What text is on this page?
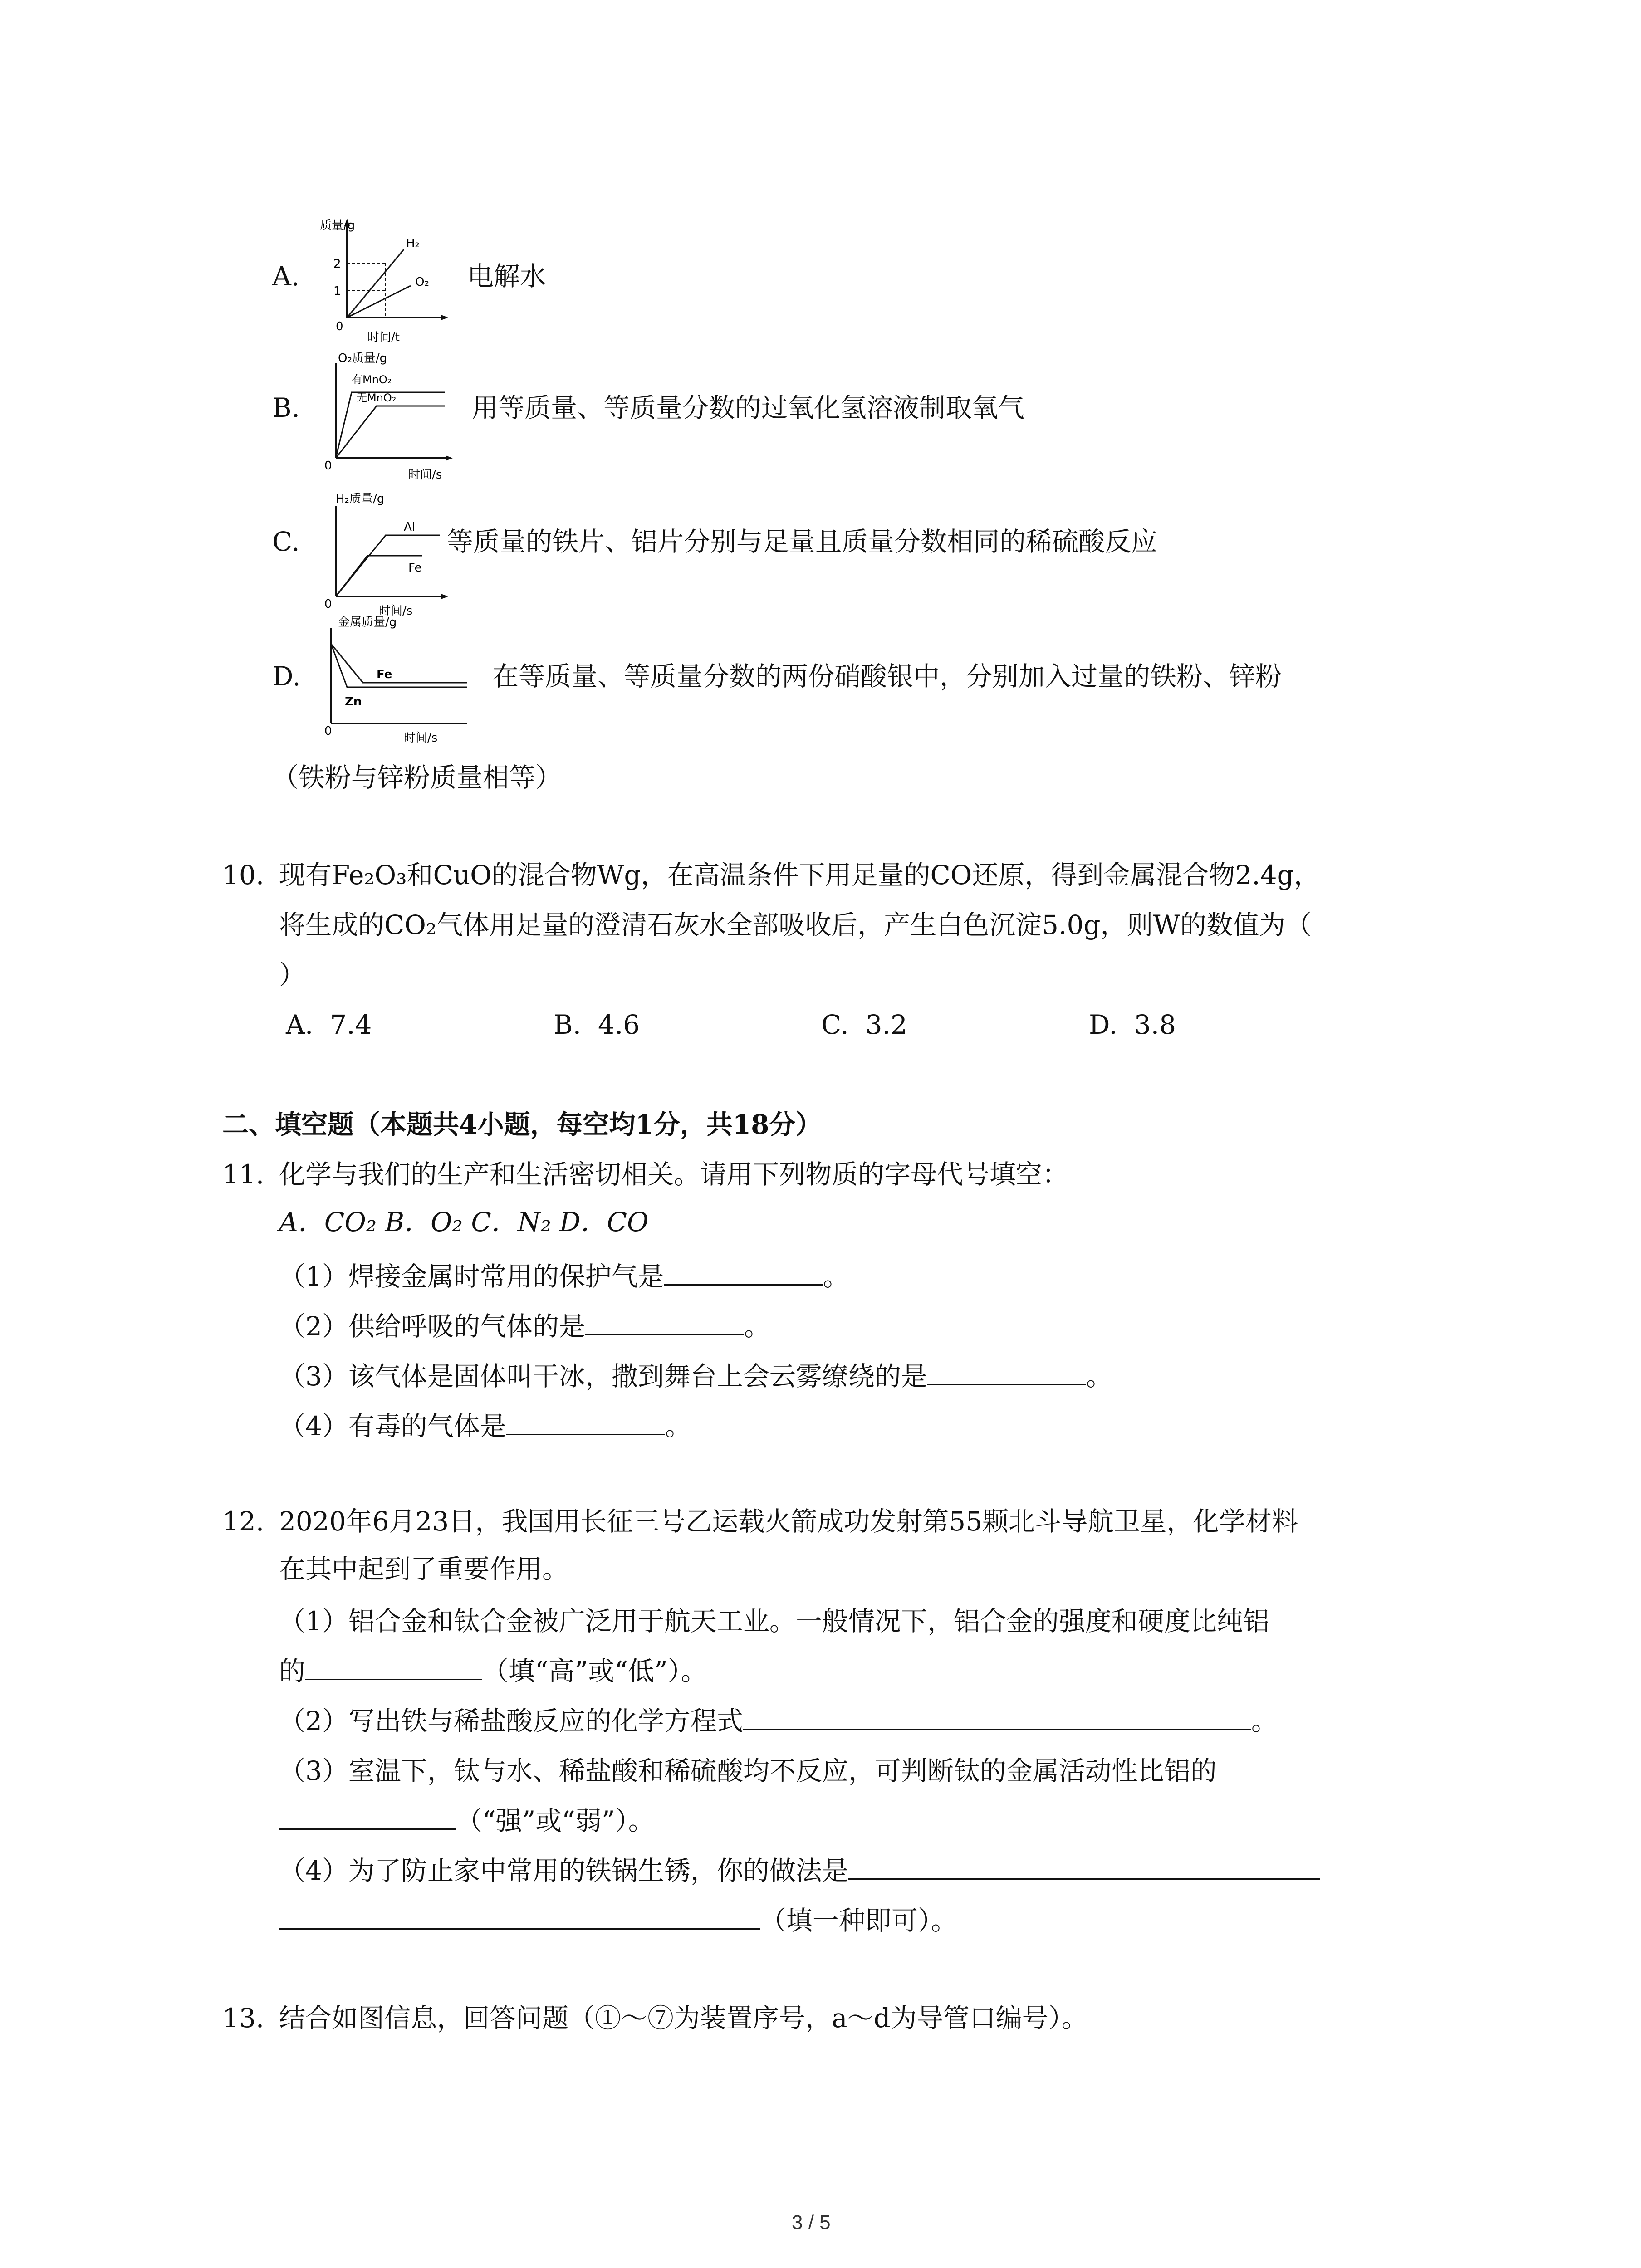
A.
质量/g
2
1
0
H₂
O₂
时间/t
电解水
B.
O₂质量/g
有MnO₂
无MnO₂
0
时间/s
用等质量、等质量分数的过氧化氢溶液制取氧气
C.
H₂质量/g
Al
Fe
0	时间/s
等质量的铁片、铝片分别与足量且质量分数相同的稀硫酸反应
D.
金属质量/g
Fe
Zn
0	时间/s
在等质量、等质量分数的两份硝酸银中，分别加入过量的铁粉、锌粉
（铁粉与锌粉质量相等）
10. 现有Fe₂O₃和CuO的混合物Wg，在高温条件下用足量的CO还原，得到金属混合物2.4g，
将生成的CO₂气体用足量的澄清石灰水全部吸收后，产生白色沉淀5.0g，则W的数值为（
）
A. 7.4	B. 4.6	C. 3.2	D. 3.8
二、填空题（本题共4小题，每空均1分，共18分）
11. 化学与我们的生产和生活密切相关。请用下列物质的字母代号填空：
A．CO₂ B．O₂ C．N₂ D．CO
（1）焊接金属时常用的保护气是	。
（2）供给呼吸的气体的是	。
（3）该气体是固体叫干冰，撒到舞台上会云雾缭绕的是	。
（4）有毒的气体是	。
12. 2020年6月23日，我国用长征三号乙运载火箭成功发射第55颗北斗导航卫星，化学材料
在其中起到了重要作用。
（1）铝合金和钛合金被广泛用于航天工业。一般情况下，铝合金的强度和硬度比纯铝
的	（填“高”或“低”）。
（2）写出铁与稀盐酸反应的化学方程式	。
（3）室温下，钛与水、稀盐酸和稀硫酸均不反应，可判断钛的金属活动性比铝的
（“强”或“弱”）。
（4）为了防止家中常用的铁锅生锈，你的做法是
（填一种即可）。
13. 结合如图信息，回答问题（①～⑦为装置序号，a～d为导管口编号）。
3 / 5
